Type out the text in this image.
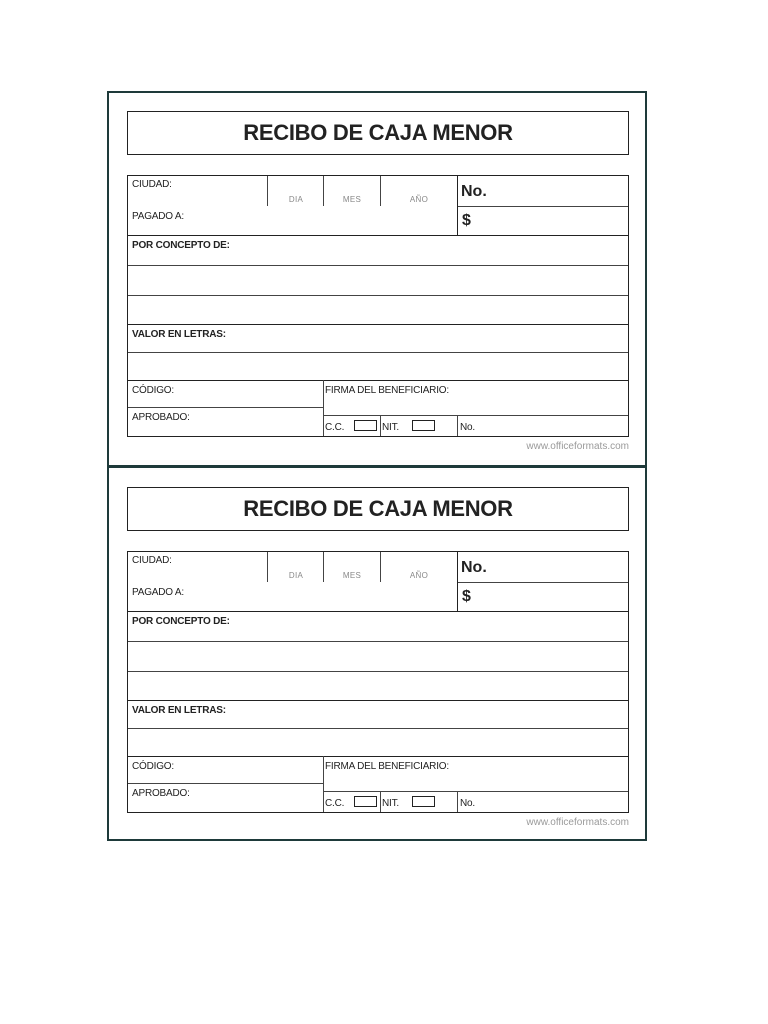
RECIBO DE CAJA MENOR
CIUDAD:
DIA	MES	AÑO	No.
PAGADO A:	$
POR CONCEPTO DE:
VALOR EN LETRAS:
CÓDIGO:	FIRMA DEL BENEFICIARIO:
APROBADO:
C.C.	NIT.	No.
www.officeformats.com
RECIBO DE CAJA MENOR
CIUDAD:
DIA	MES	AÑO	No.
PAGADO A:	$
POR CONCEPTO DE:
VALOR EN LETRAS:
CÓDIGO:	FIRMA DEL BENEFICIARIO:
APROBADO:
C.C.	NIT.	No.
www.officeformats.com
